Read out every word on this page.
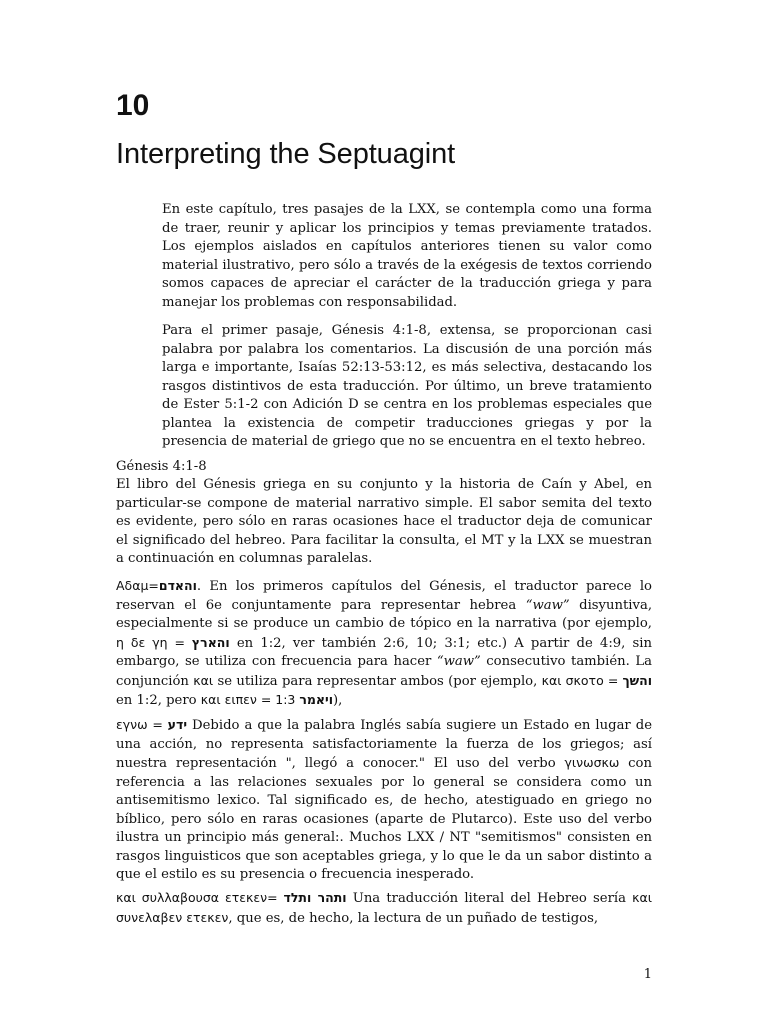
10
Interpreting the Septuagint

En este capítulo, tres pasajes de la LXX, se contempla como una forma de traer, reunir y aplicar los principios y temas previamente tratados. Los ejemplos aislados en capítulos anteriores tienen su valor como material ilustrativo, pero sólo a través de la exégesis de textos corriendo somos capaces de apreciar el carácter de la traducción griega y para manejar los problemas con responsabilidad.

Para el primer pasaje, Génesis 4:1-8, extensa, se proporcionan casi palabra por palabra los comentarios. La discusión de una porción más larga e importante, Isaías 52:13-53:12, es más selectiva, destacando los rasgos distintivos de esta traducción. Por último, un breve tratamiento de Ester 5:1-2 con Adición D se centra en los problemas especiales que plantea la existencia de competir traducciones griegas y por la presencia de material de griego que no se encuentra en el texto hebreo.

Génesis 4:1-8

El libro del Génesis griega en su conjunto y la historia de Caín y Abel, en particular-se compone de material narrativo simple. El sabor semita del texto es evidente, pero sólo en raras ocasiones hace el traductor deja de comunicar el significado del hebreo. Para facilitar la consulta, el MT y la LXX se muestran a continuación en columnas paralelas.

Αδαμ=והאדם. En los primeros capítulos del Génesis, el traductor parece lo reservan el 6e conjuntamente para representar hebrea “waw” disyuntiva, especialmente si se produce un cambio de tópico en la narrativa (por ejemplo, η δε γη = והארץ en 1:2, ver también 2:6, 10; 3:1; etc.) A partir de 4:9, sin embargo, se utiliza con frecuencia para hacer “waw” consecutivo también. La conjunción και se utiliza para representar ambos (por ejemplo, και σκοτο = והשך en 1:2, pero και ειπεν = 1:3 ויאמר),

εγνω = ידע Debido a que la palabra Inglés sabía sugiere un Estado en lugar de una acción, no representa satisfactoriamente la fuerza de los griegos; así nuestra representación ", llegó a conocer." El uso del verbo γινωσκω con referencia a las relaciones sexuales por lo general se considera como un antisemitismo lexico. Tal significado es, de hecho, atestiguado en griego no bíblico, pero sólo en raras ocasiones (aparte de Plutarco). Este uso del verbo ilustra un principio más general:. Muchos LXX / NT "semitismos" consisten en rasgos linguisticos que son aceptables griega, y lo que le da un sabor distinto a que el estilo es su presencia o frecuencia inesperado.

και συλλαβουσα ετεκεν= ותהר ותלד Una traducción literal del Hebreo sería και συνελαβεν ετεκεν, que es, de hecho, la lectura de un puñado de testigos,

1
